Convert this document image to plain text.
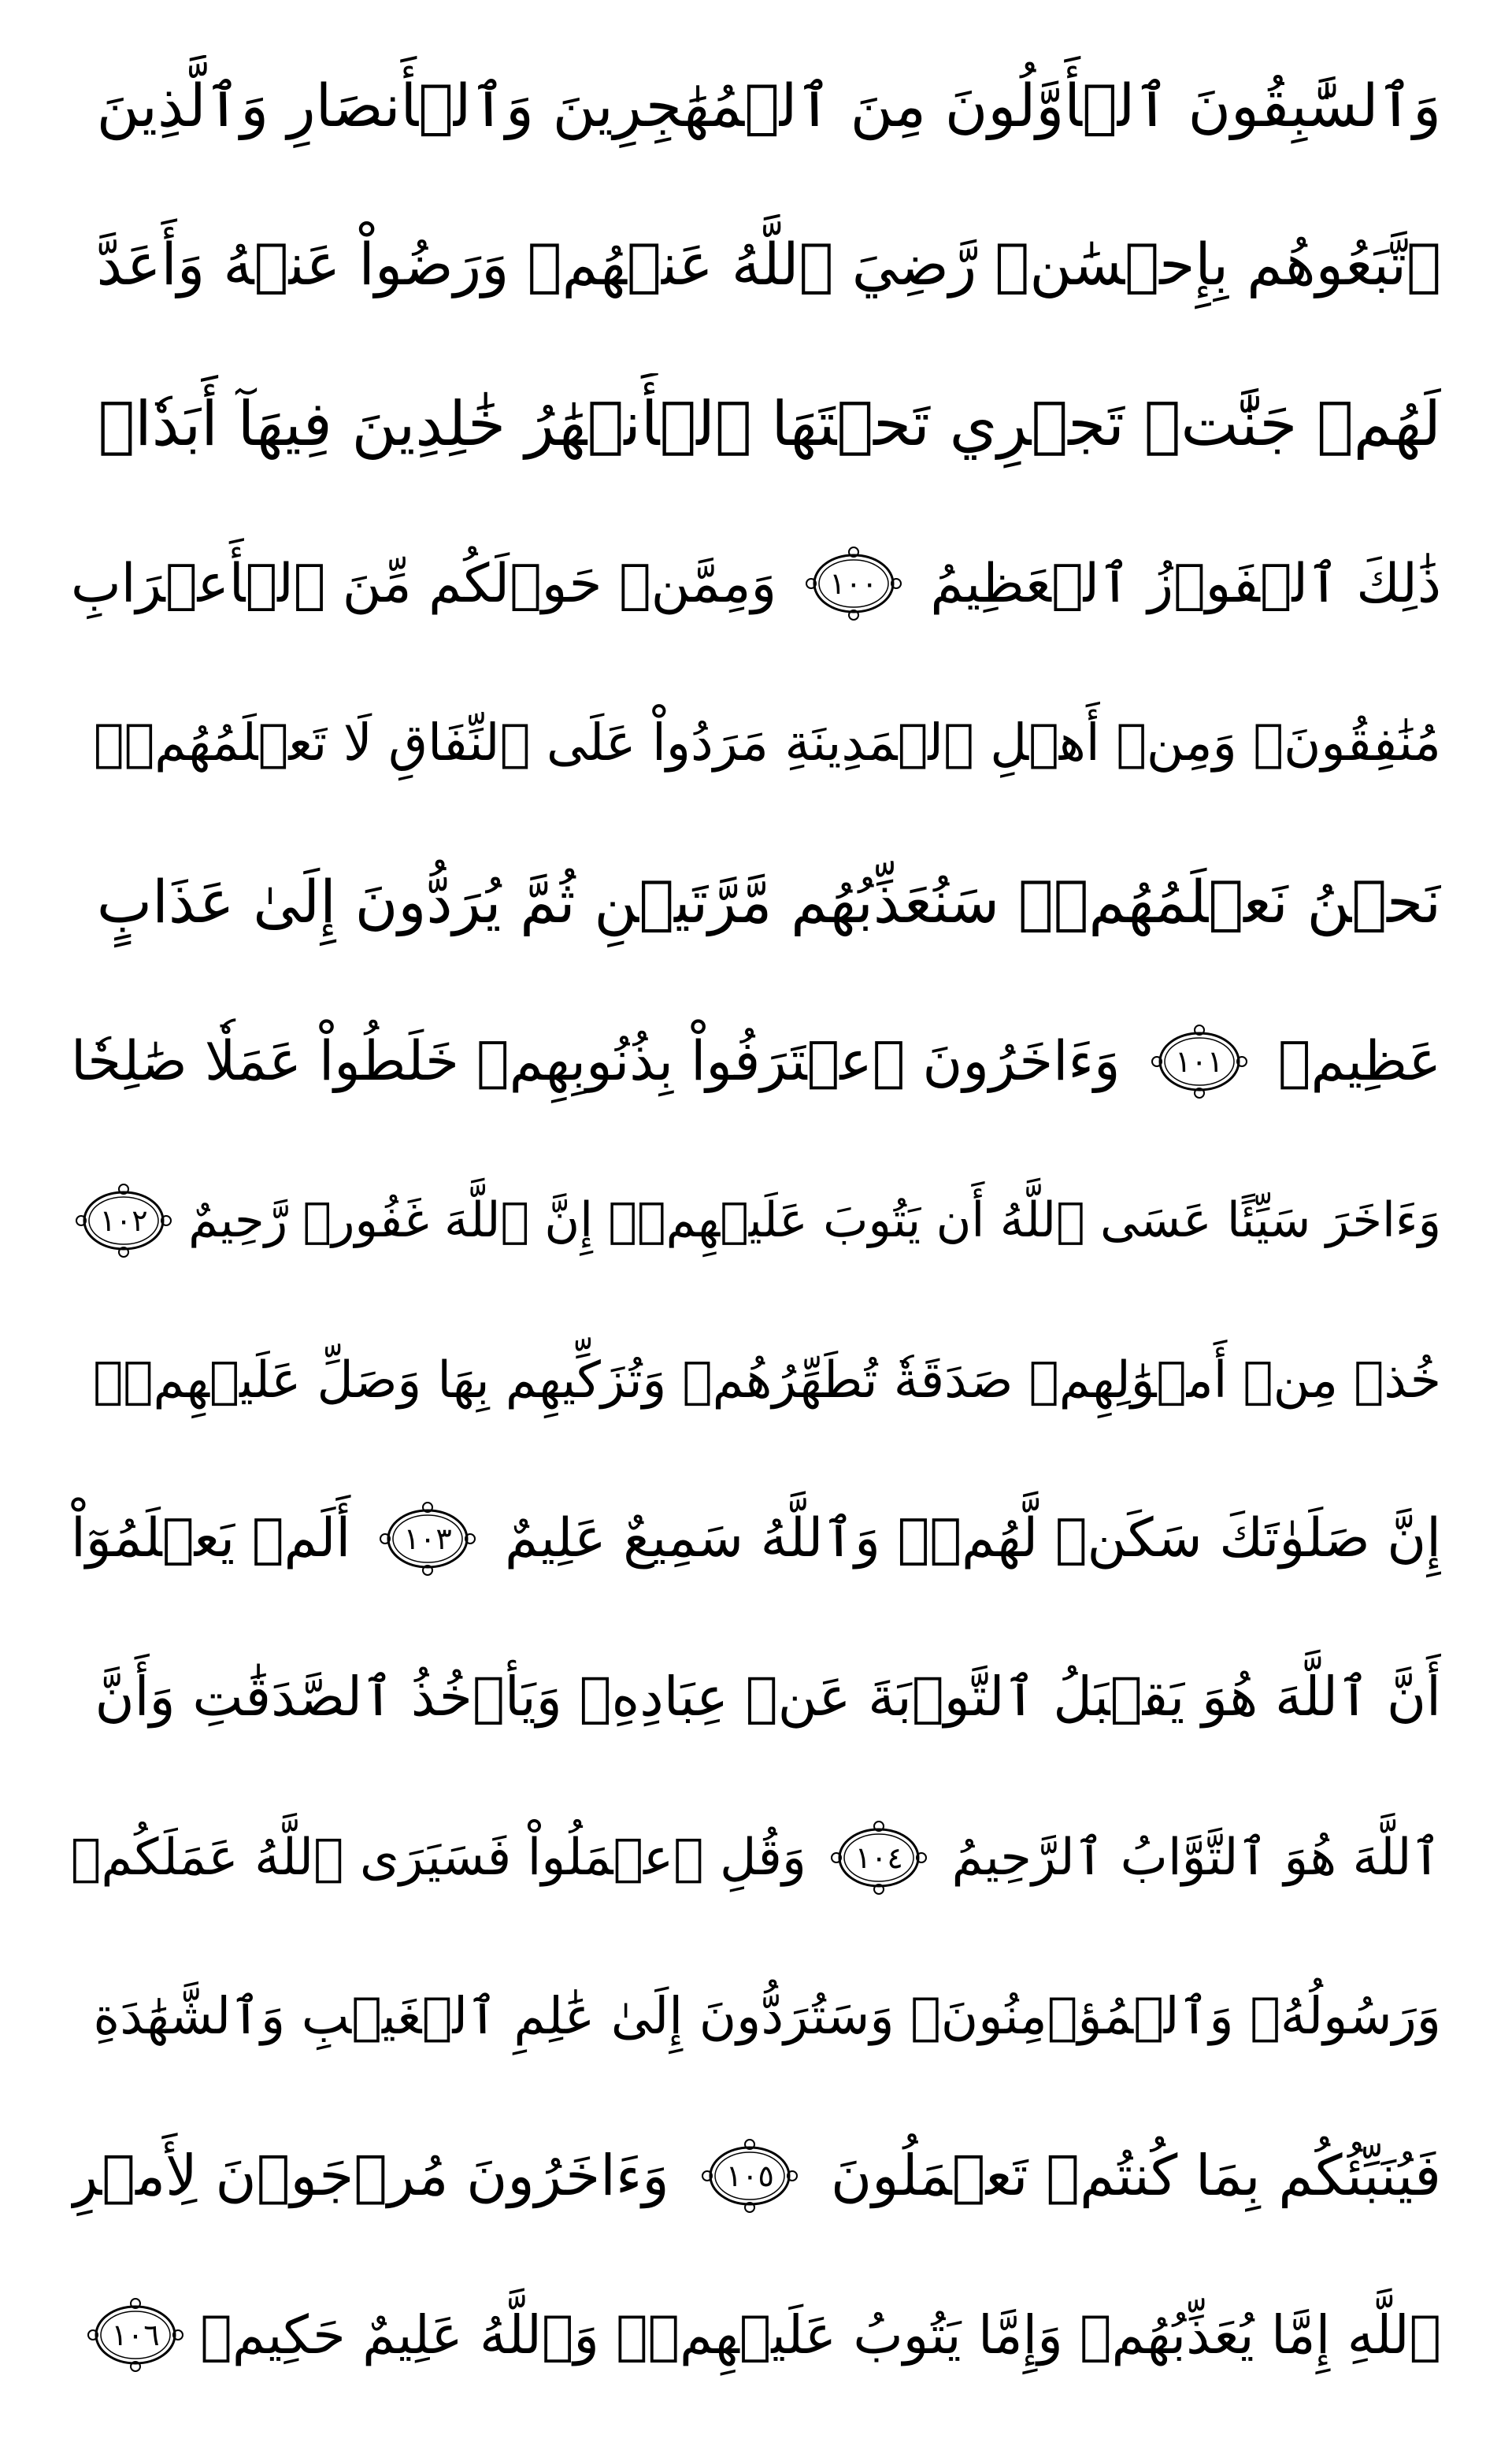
وَٱلسَّٰبِقُونَ ٱلۡأَوَّلُونَ مِنَ ٱلۡمُهَٰجِرِينَ وَٱلۡأَنصَارِ وَٱلَّذِينَ
ٱتَّبَعُوهُم بِإِحۡسَٰنٖ رَّضِيَ ٱللَّهُ عَنۡهُمۡ وَرَضُواْ عَنۡهُ وَأَعَدَّ
لَهُمۡ جَنَّٰتٖ تَجۡرِي تَحۡتَهَا ٱلۡأَنۡهَٰرُ خَٰلِدِينَ فِيهَآ أَبَدٗاۚ
ذَٰلِكَ ٱلۡفَوۡزُ ٱلۡعَظِيمُ
١٠٠
وَمِمَّنۡ حَوۡلَكُم مِّنَ ٱلۡأَعۡرَابِ
مُنَٰفِقُونَۖ وَمِنۡ أَهۡلِ ٱلۡمَدِينَةِ مَرَدُواْ عَلَى ٱلنِّفَاقِ لَا تَعۡلَمُهُمۡۖ
نَحۡنُ نَعۡلَمُهُمۡۚ سَنُعَذِّبُهُم مَّرَّتَيۡنِ ثُمَّ يُرَدُّونَ إِلَىٰ عَذَابٍ
عَظِيمٖ
١٠١
وَءَاخَرُونَ ٱعۡتَرَفُواْ بِذُنُوبِهِمۡ خَلَطُواْ عَمَلٗا صَٰلِحٗا
وَءَاخَرَ سَيِّئًا عَسَى ٱللَّهُ أَن يَتُوبَ عَلَيۡهِمۡۚ إِنَّ ٱللَّهَ غَفُورٞ رَّحِيمٌ
١٠٢
خُذۡ مِنۡ أَمۡوَٰلِهِمۡ صَدَقَةٗ تُطَهِّرُهُمۡ وَتُزَكِّيهِم بِهَا وَصَلِّ عَلَيۡهِمۡۖ
إِنَّ صَلَوٰتَكَ سَكَنٞ لَّهُمۡۗ وَٱللَّهُ سَمِيعٌ عَلِيمٌ
١٠٣
أَلَمۡ يَعۡلَمُوٓاْ
أَنَّ ٱللَّهَ هُوَ يَقۡبَلُ ٱلتَّوۡبَةَ عَنۡ عِبَادِهِۦ وَيَأۡخُذُ ٱلصَّدَقَٰتِ وَأَنَّ
ٱللَّهَ هُوَ ٱلتَّوَّابُ ٱلرَّحِيمُ
١٠٤
وَقُلِ ٱعۡمَلُواْ فَسَيَرَى ٱللَّهُ عَمَلَكُمۡ
وَرَسُولُهُۥ وَٱلۡمُؤۡمِنُونَۖ وَسَتُرَدُّونَ إِلَىٰ عَٰلِمِ ٱلۡغَيۡبِ وَٱلشَّهَٰدَةِ
فَيُنَبِّئُكُم بِمَا كُنتُمۡ تَعۡمَلُونَ
١٠٥
وَءَاخَرُونَ مُرۡجَوۡنَ لِأَمۡرِ
ٱللَّهِ إِمَّا يُعَذِّبُهُمۡ وَإِمَّا يَتُوبُ عَلَيۡهِمۡۗ وَٱللَّهُ عَلِيمٌ حَكِيمٞ
١٠٦
